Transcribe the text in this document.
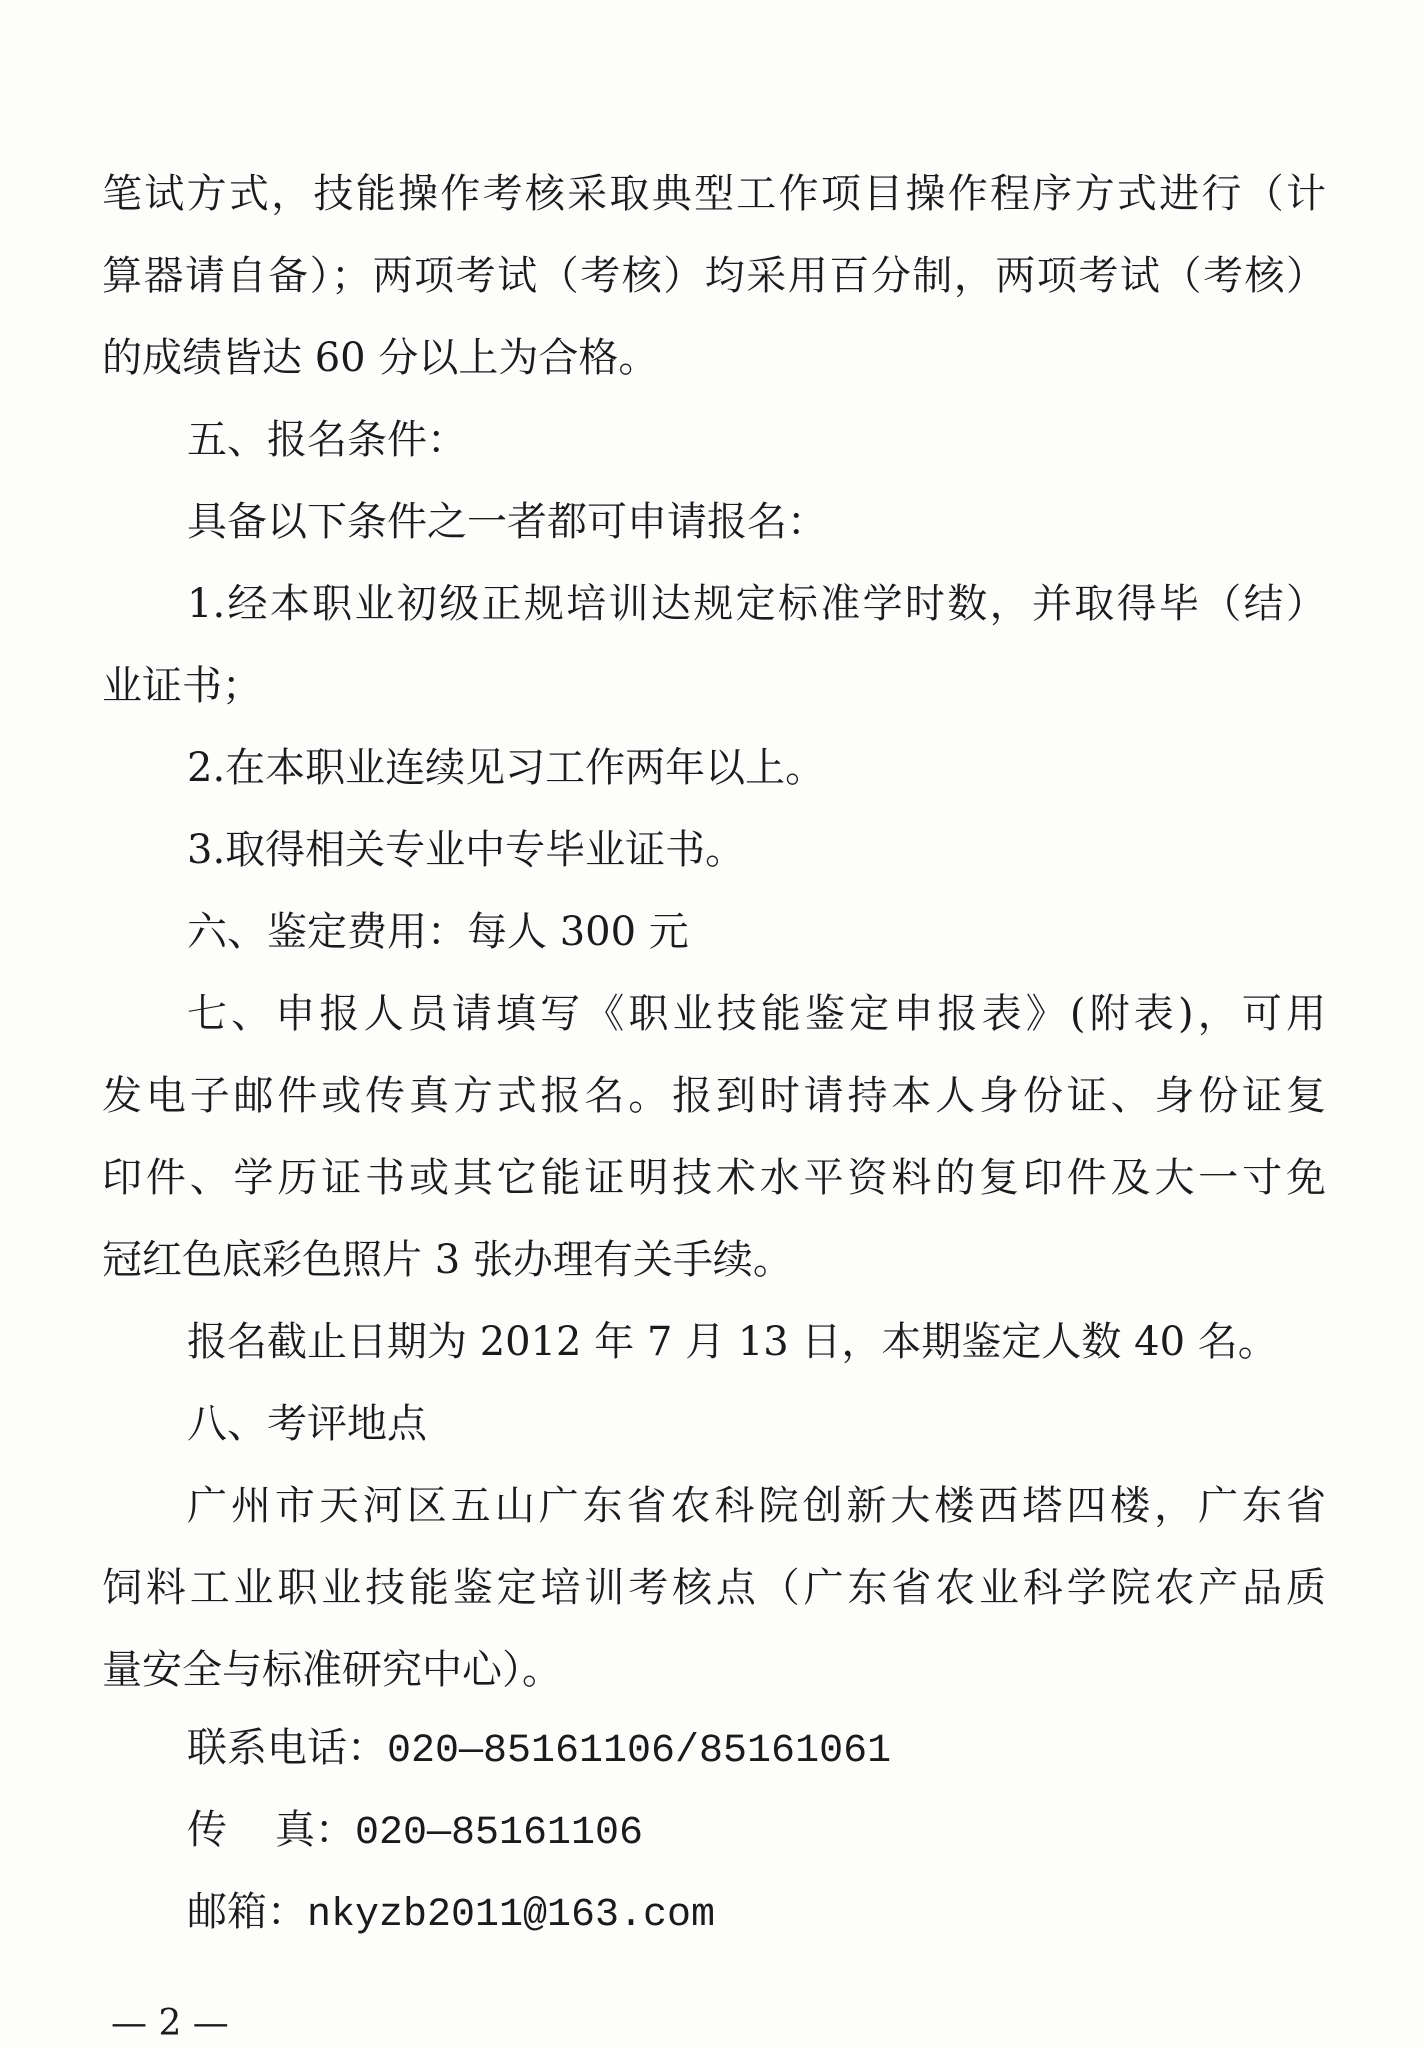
笔试方式，技能操作考核采取典型工作项目操作程序方式进行（计
算器请自备）；两项考试（考核）均采用百分制，两项考试（考核）
的成绩皆达 60 分以上为合格。
五、报名条件：
具备以下条件之一者都可申请报名：
1.经本职业初级正规培训达规定标准学时数，并取得毕（结）
业证书；
2.在本职业连续见习工作两年以上。
3.取得相关专业中专毕业证书。
六、鉴定费用：每人 300 元
七、申报人员请填写《职业技能鉴定申报表》(附表)，可用
发电子邮件或传真方式报名。报到时请持本人身份证、身份证复
印件、学历证书或其它能证明技术水平资料的复印件及大一寸免
冠红色底彩色照片 3 张办理有关手续。
报名截止日期为 2012 年 7 月 13 日，本期鉴定人数 40 名。
八、考评地点
广州市天河区五山广东省农科院创新大楼西塔四楼，广东省
饲料工业职业技能鉴定培训考核点（广东省农业科学院农产品质
量安全与标准研究中心）。
联系电话：020—85161106/85161061
传  真：020—85161106
邮箱：nkyzb2011@163.com
— 2 —
